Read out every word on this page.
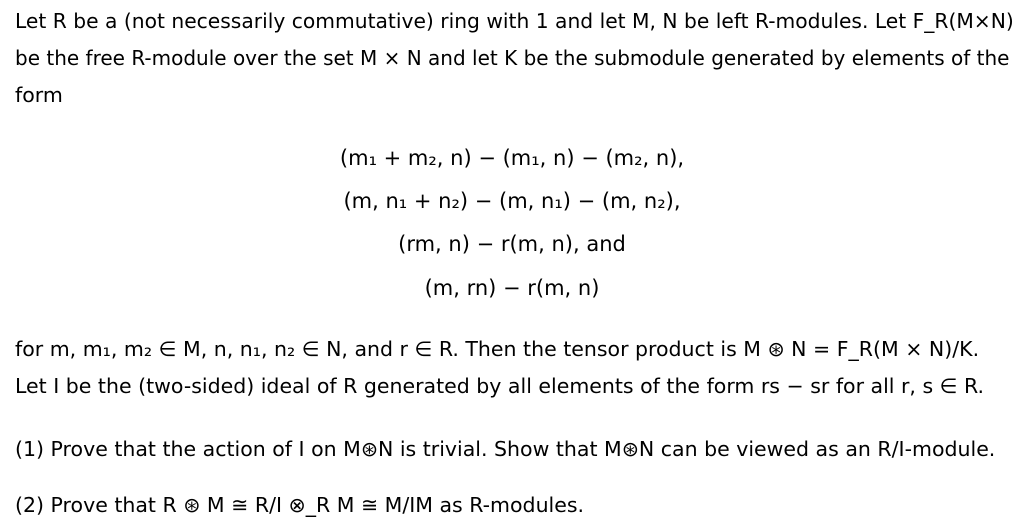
Let R be a (not necessarily commutative) ring with 1 and let M, N be left R-modules. Let F_R(M×N)

be the free R-module over the set M × N and let K be the submodule generated by elements of the

form

(m₁ + m₂, n) − (m₁, n) − (m₂, n),
(m, n₁ + n₂) − (m, n₁) − (m, n₂),
(rm, n) − r(m, n), and
(m, rn) − r(m, n)

for m, m₁, m₂ ∈ M, n, n₁, n₂ ∈ N, and r ∈ R. Then the tensor product is M ⊛ N = F_R(M × N)/K.

Let I be the (two-sided) ideal of R generated by all elements of the form rs − sr for all r, s ∈ R.

(1) Prove that the action of I on M⊛N is trivial. Show that M⊛N can be viewed as an R/I-module.

(2) Prove that R ⊛ M ≅ R/I ⊗_R M ≅ M/IM as R-modules.
